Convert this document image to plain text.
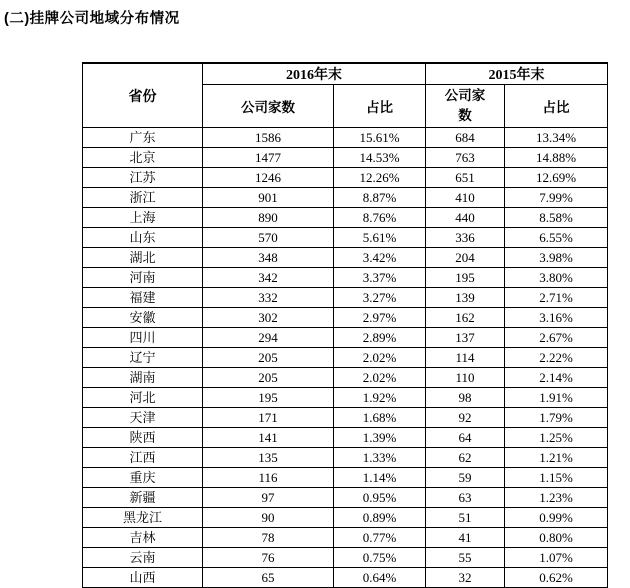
(二)挂牌公司地域分布情况
省份	2016年末		2015年末	
	公司家数	占比	公司家数	占比
广东	1586	15.61%	684	13.34%
北京	1477	14.53%	763	14.88%
江苏	1246	12.26%	651	12.69%
浙江	901	8.87%	410	7.99%
上海	890	8.76%	440	8.58%
山东	570	5.61%	336	6.55%
湖北	348	3.42%	204	3.98%
河南	342	3.37%	195	3.80%
福建	332	3.27%	139	2.71%
安徽	302	2.97%	162	3.16%
四川	294	2.89%	137	2.67%
辽宁	205	2.02%	114	2.22%
湖南	205	2.02%	110	2.14%
河北	195	1.92%	98	1.91%
天津	171	1.68%	92	1.79%
陕西	141	1.39%	64	1.25%
江西	135	1.33%	62	1.21%
重庆	116	1.14%	59	1.15%
新疆	97	0.95%	63	1.23%
黑龙江	90	0.89%	51	0.99%
吉林	78	0.77%	41	0.80%
云南	76	0.75%	55	1.07%
山西	65	0.64%	32	0.62%
